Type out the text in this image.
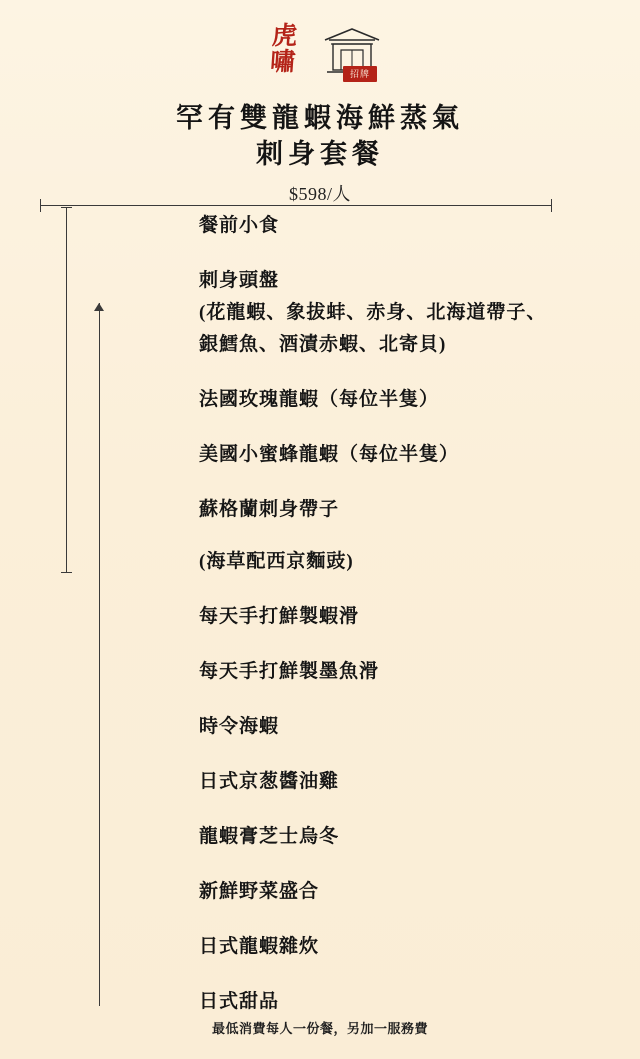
虎
嘯	招牌
罕有雙龍蝦海鮮蒸氣
刺身套餐
$598/人
餐前小食
刺身頭盤
(花龍蝦、象拔蚌、赤身、北海道帶子、
銀鱈魚、酒漬赤蝦、北寄貝)
法國玫瑰龍蝦（每位半隻）
美國小蜜蜂龍蝦（每位半隻）
蘇格蘭刺身帶子
(海草配西京麵豉)
每天手打鮮製蝦滑
每天手打鮮製墨魚滑
時令海蝦
日式京葱醬油雞
龍蝦膏芝士烏冬
新鮮野菜盛合
日式龍蝦雜炊
日式甜品
最低消費每人一份餐，另加一服務費
